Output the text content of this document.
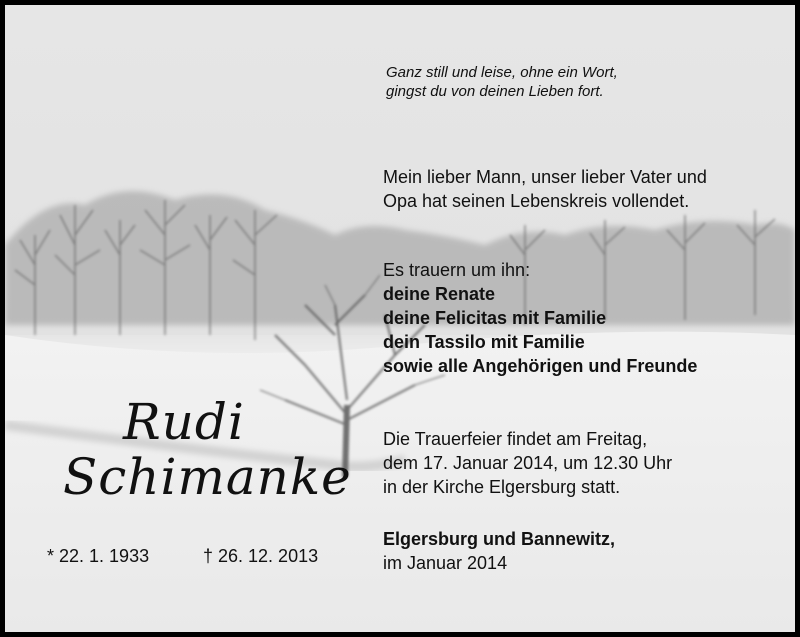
Ganz still und leise, ohne ein Wort,
gingst du von deinen Lieben fort.
Mein lieber Mann, unser lieber Vater und
Opa hat seinen Lebenskreis vollendet.
Es trauern um ihn:
deine Renate
deine Felicitas mit Familie
dein Tassilo mit Familie
sowie alle Angehörigen und Freunde
Die Trauerfeier findet am Freitag,
dem 17. Januar 2014, um 12.30 Uhr
in der Kirche Elgersburg statt.
Elgersburg und Bannewitz,
im Januar 2014
Rudi
Schimanke
* 22. 1. 1933	† 26. 12. 2013
